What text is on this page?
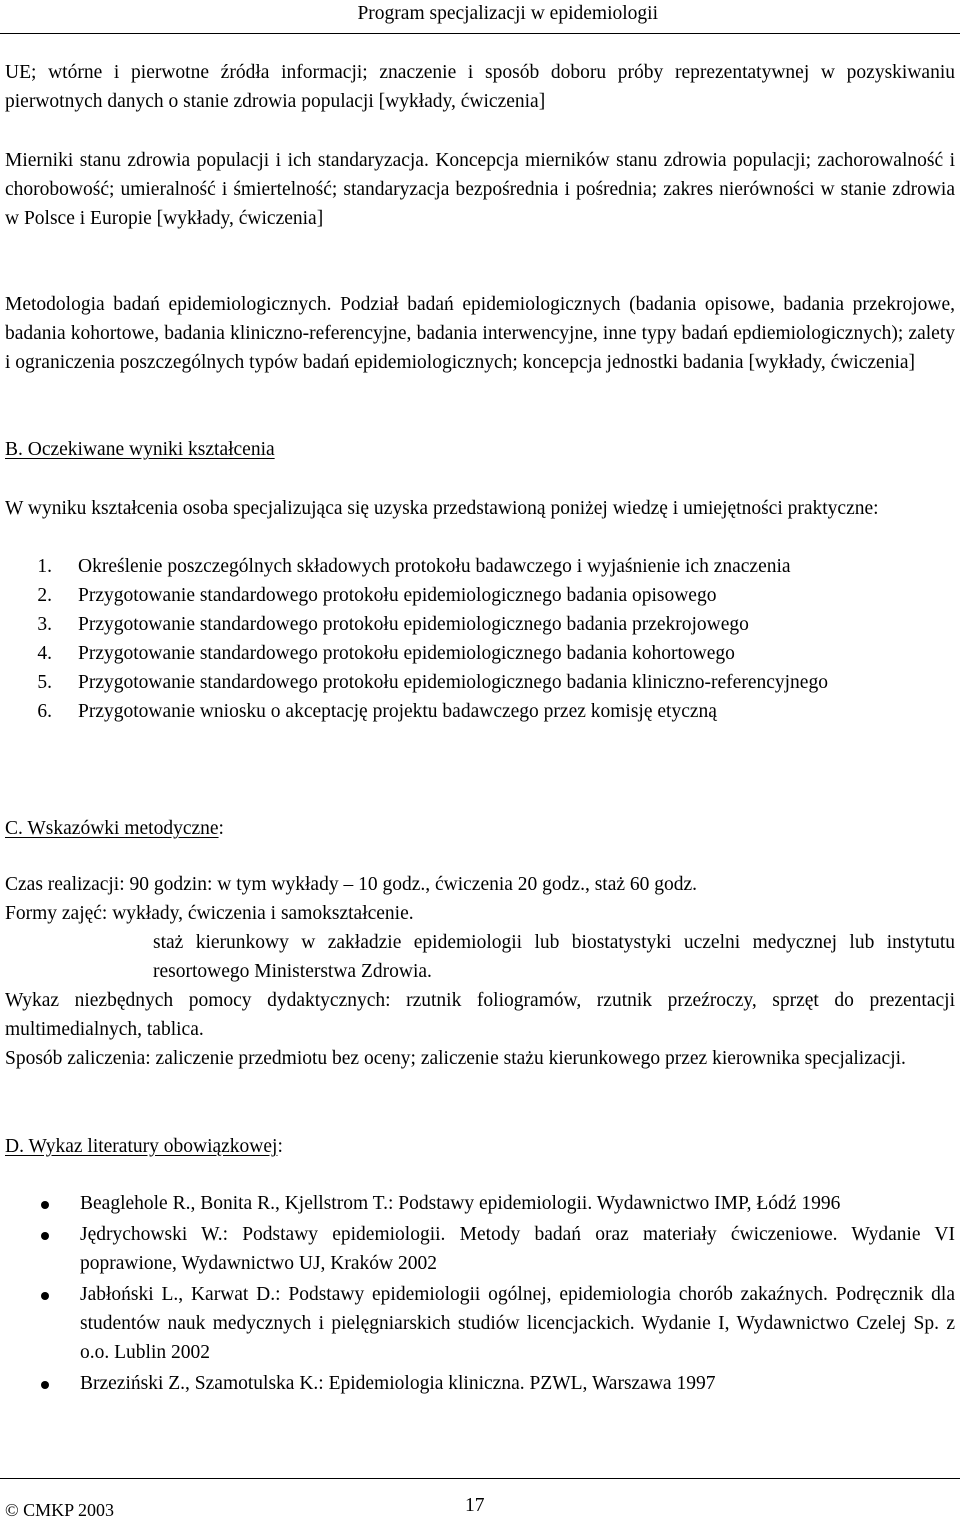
Program specjalizacji w epidemiologii

UE; wtórne i pierwotne źródła informacji; znaczenie i sposób doboru próby reprezentatywnej w pozyskiwaniu pierwotnych danych o stanie zdrowia populacji [wykłady, ćwiczenia]

Mierniki stanu zdrowia populacji i ich standaryzacja. Koncepcja mierników stanu zdrowia populacji; zachorowalność i chorobowość; umieralność i śmiertelność; standaryzacja bezpośrednia i pośrednia; zakres nierówności w stanie zdrowia w Polsce i Europie [wykłady, ćwiczenia]

Metodologia badań epidemiologicznych. Podział badań epidemiologicznych (badania opisowe, badania przekrojowe, badania kohortowe, badania kliniczno-referencyjne, badania interwencyjne, inne typy badań epdiemiologicznych); zalety i ograniczenia poszczególnych typów badań epidemiologicznych; koncepcja jednostki badania [wykłady, ćwiczenia]

B. Oczekiwane wyniki kształcenia

W wyniku kształcenia osoba specjalizująca się uzyska przedstawioną poniżej wiedzę i umiejętności praktyczne:

1. Określenie poszczególnych składowych protokołu badawczego i wyjaśnienie ich znaczenia
2. Przygotowanie standardowego protokołu epidemiologicznego badania opisowego
3. Przygotowanie standardowego protokołu epidemiologicznego badania przekrojowego
4. Przygotowanie standardowego protokołu epidemiologicznego badania kohortowego
5. Przygotowanie standardowego protokołu epidemiologicznego badania kliniczno-referencyjnego
6. Przygotowanie wniosku o akceptację projektu badawczego przez komisję etyczną

C. Wskazówki metodyczne:

Czas realizacji: 90 godzin: w tym wykłady – 10 godz., ćwiczenia 20 godz., staż 60 godz.

Formy zajęć: wykłady, ćwiczenia i samokształcenie.

staż kierunkowy w zakładzie epidemiologii lub biostatystyki uczelni medycznej lub instytutu resortowego Ministerstwa Zdrowia.

Wykaz niezbędnych pomocy dydaktycznych: rzutnik foliogramów, rzutnik przeźroczy, sprzęt do prezentacji multimedialnych, tablica.

Sposób zaliczenia: zaliczenie przedmiotu bez oceny; zaliczenie stażu kierunkowego przez kierownika specjalizacji.

D. Wykaz literatury obowiązkowej:

Beaglehole R., Bonita R., Kjellstrom T.: Podstawy epidemiologii. Wydawnictwo IMP, Łódź 1996
Jędrychowski W.: Podstawy epidemiologii. Metody badań oraz materiały ćwiczeniowe. Wydanie VI poprawione, Wydawnictwo UJ, Kraków 2002
Jabłoński L., Karwat D.: Podstawy epidemiologii ogólnej, epidemiologia chorób zakaźnych. Podręcznik dla studentów nauk medycznych i pielęgniarskich studiów licencjackich. Wydanie I, Wydawnictwo Czelej Sp. z o.o. Lublin 2002
Brzeziński Z., Szamotulska K.: Epidemiologia kliniczna. PZWL, Warszawa 1997
© CMKP 2003	17
